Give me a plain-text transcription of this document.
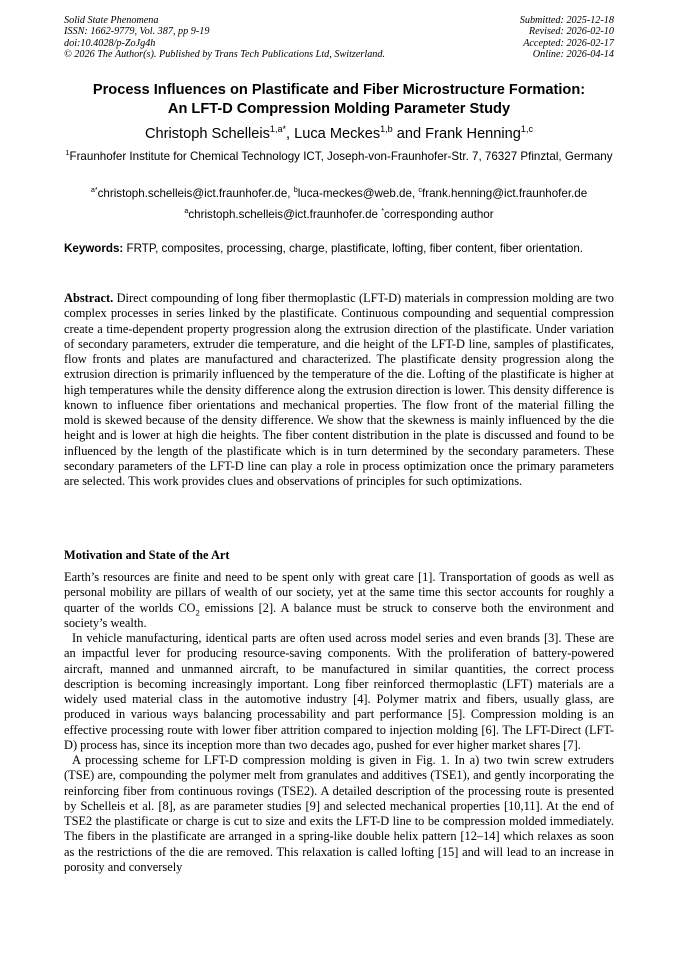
Solid State Phenomena
ISSN: 1662-9779, Vol. 387, pp 9-19
doi:10.4028/p-ZoJg4h
© 2026 The Author(s). Published by Trans Tech Publications Ltd, Switzerland.
Submitted: 2025-12-18
Revised: 2026-02-10
Accepted: 2026-02-17
Online: 2026-04-14
Process Influences on Plastificate and Fiber Microstructure Formation:
An LFT-D Compression Molding Parameter Study
Christoph Schelleis$^{1,a*}$, Luca Meckes$^{1,b}$ and Frank Henning$^{1,c}$
$^1$Fraunhofer Institute for Chemical Technology ICT, Joseph-von-Fraunhofer-Str. 7, 76327 Pfinztal, Germany
$^{a*}$christoph.schelleis@ict.fraunhofer.de, $^b$luca-meckes@web.de, $^c$frank.henning@ict.fraunhofer.de
$^a$christoph.schelleis@ict.fraunhofer.de *corresponding author
Keywords: FRTP, composites, processing, charge, plastificate, lofting, fiber content, fiber orientation.
Abstract. Direct compounding of long fiber thermoplastic (LFT-D) materials in compression molding are two complex processes in series linked by the plastificate. Continuous compounding and sequential compression create a time-dependent property progression along the extrusion direction of the plastificate. Under variation of secondary parameters, extruder die temperature, and die height of the LFT-D line, samples of plastificates, flow fronts and plates are manufactured and characterized. The plastificate density progression along the extrusion direction is primarily influenced by the temperature of the die. Lofting of the plastificate is higher at high temperatures while the density difference along the extrusion direction is lower. This density difference is known to influence fiber orientations and mechanical properties. The flow front of the material filling the mold is skewed because of the density difference. We show that the skewness is mainly influenced by the die height and is lower at high die heights. The fiber content distribution in the plate is discussed and found to be influenced by the length of the plastificate which is in turn determined by the secondary parameters. These secondary parameters of the LFT-D line can play a role in process optimization once the primary parameters are selected. This work provides clues and observations of principles for such optimizations.
Motivation and State of the Art

Earth’s resources are finite and need to be spent only with great care [1]. Transportation of goods as well as personal mobility are pillars of wealth of our society, yet at the same time this sector accounts for roughly a quarter of the worlds $CO_2$ emissions [2]. A balance must be struck to conserve both the environment and society’s wealth.

In vehicle manufacturing, identical parts are often used across model series and even brands [3]. These are an impactful lever for producing resource-saving components. With the proliferation of battery-powered aircraft, manned and unmanned aircraft, to be manufactured in similar quantities, the correct process description is becoming increasingly important. Long fiber reinforced thermoplastic (LFT) materials are a widely used material class in the automotive industry [4]. Polymer matrix and fibers, usually glass, are produced in various ways balancing processability and part performance [5]. Compression molding is an effective processing route with lower fiber attrition compared to injection molding [6]. The LFT-Direct (LFT-D) process has, since its inception more than two decades ago, pushed for ever higher market shares [7].

A processing scheme for LFT-D compression molding is given in Fig. 1. In a) two twin screw extruders (TSE) are, compounding the polymer melt from granulates and additives (TSE1), and gently incorporating the reinforcing fiber from continuous rovings (TSE2). A detailed description of the processing route is presented by Schelleis et al. [8], as are parameter studies [9] and selected mechanical properties [10,11]. At the end of TSE2 the plastificate or charge is cut to size and exits the LFT-D line to be compression molded immediately. The fibers in the plastificate are arranged in a spring-like double helix pattern [12–14] which relaxes as soon as the restrictions of the die are removed. This relaxation is called lofting [15] and will lead to an increase in porosity and conversely
